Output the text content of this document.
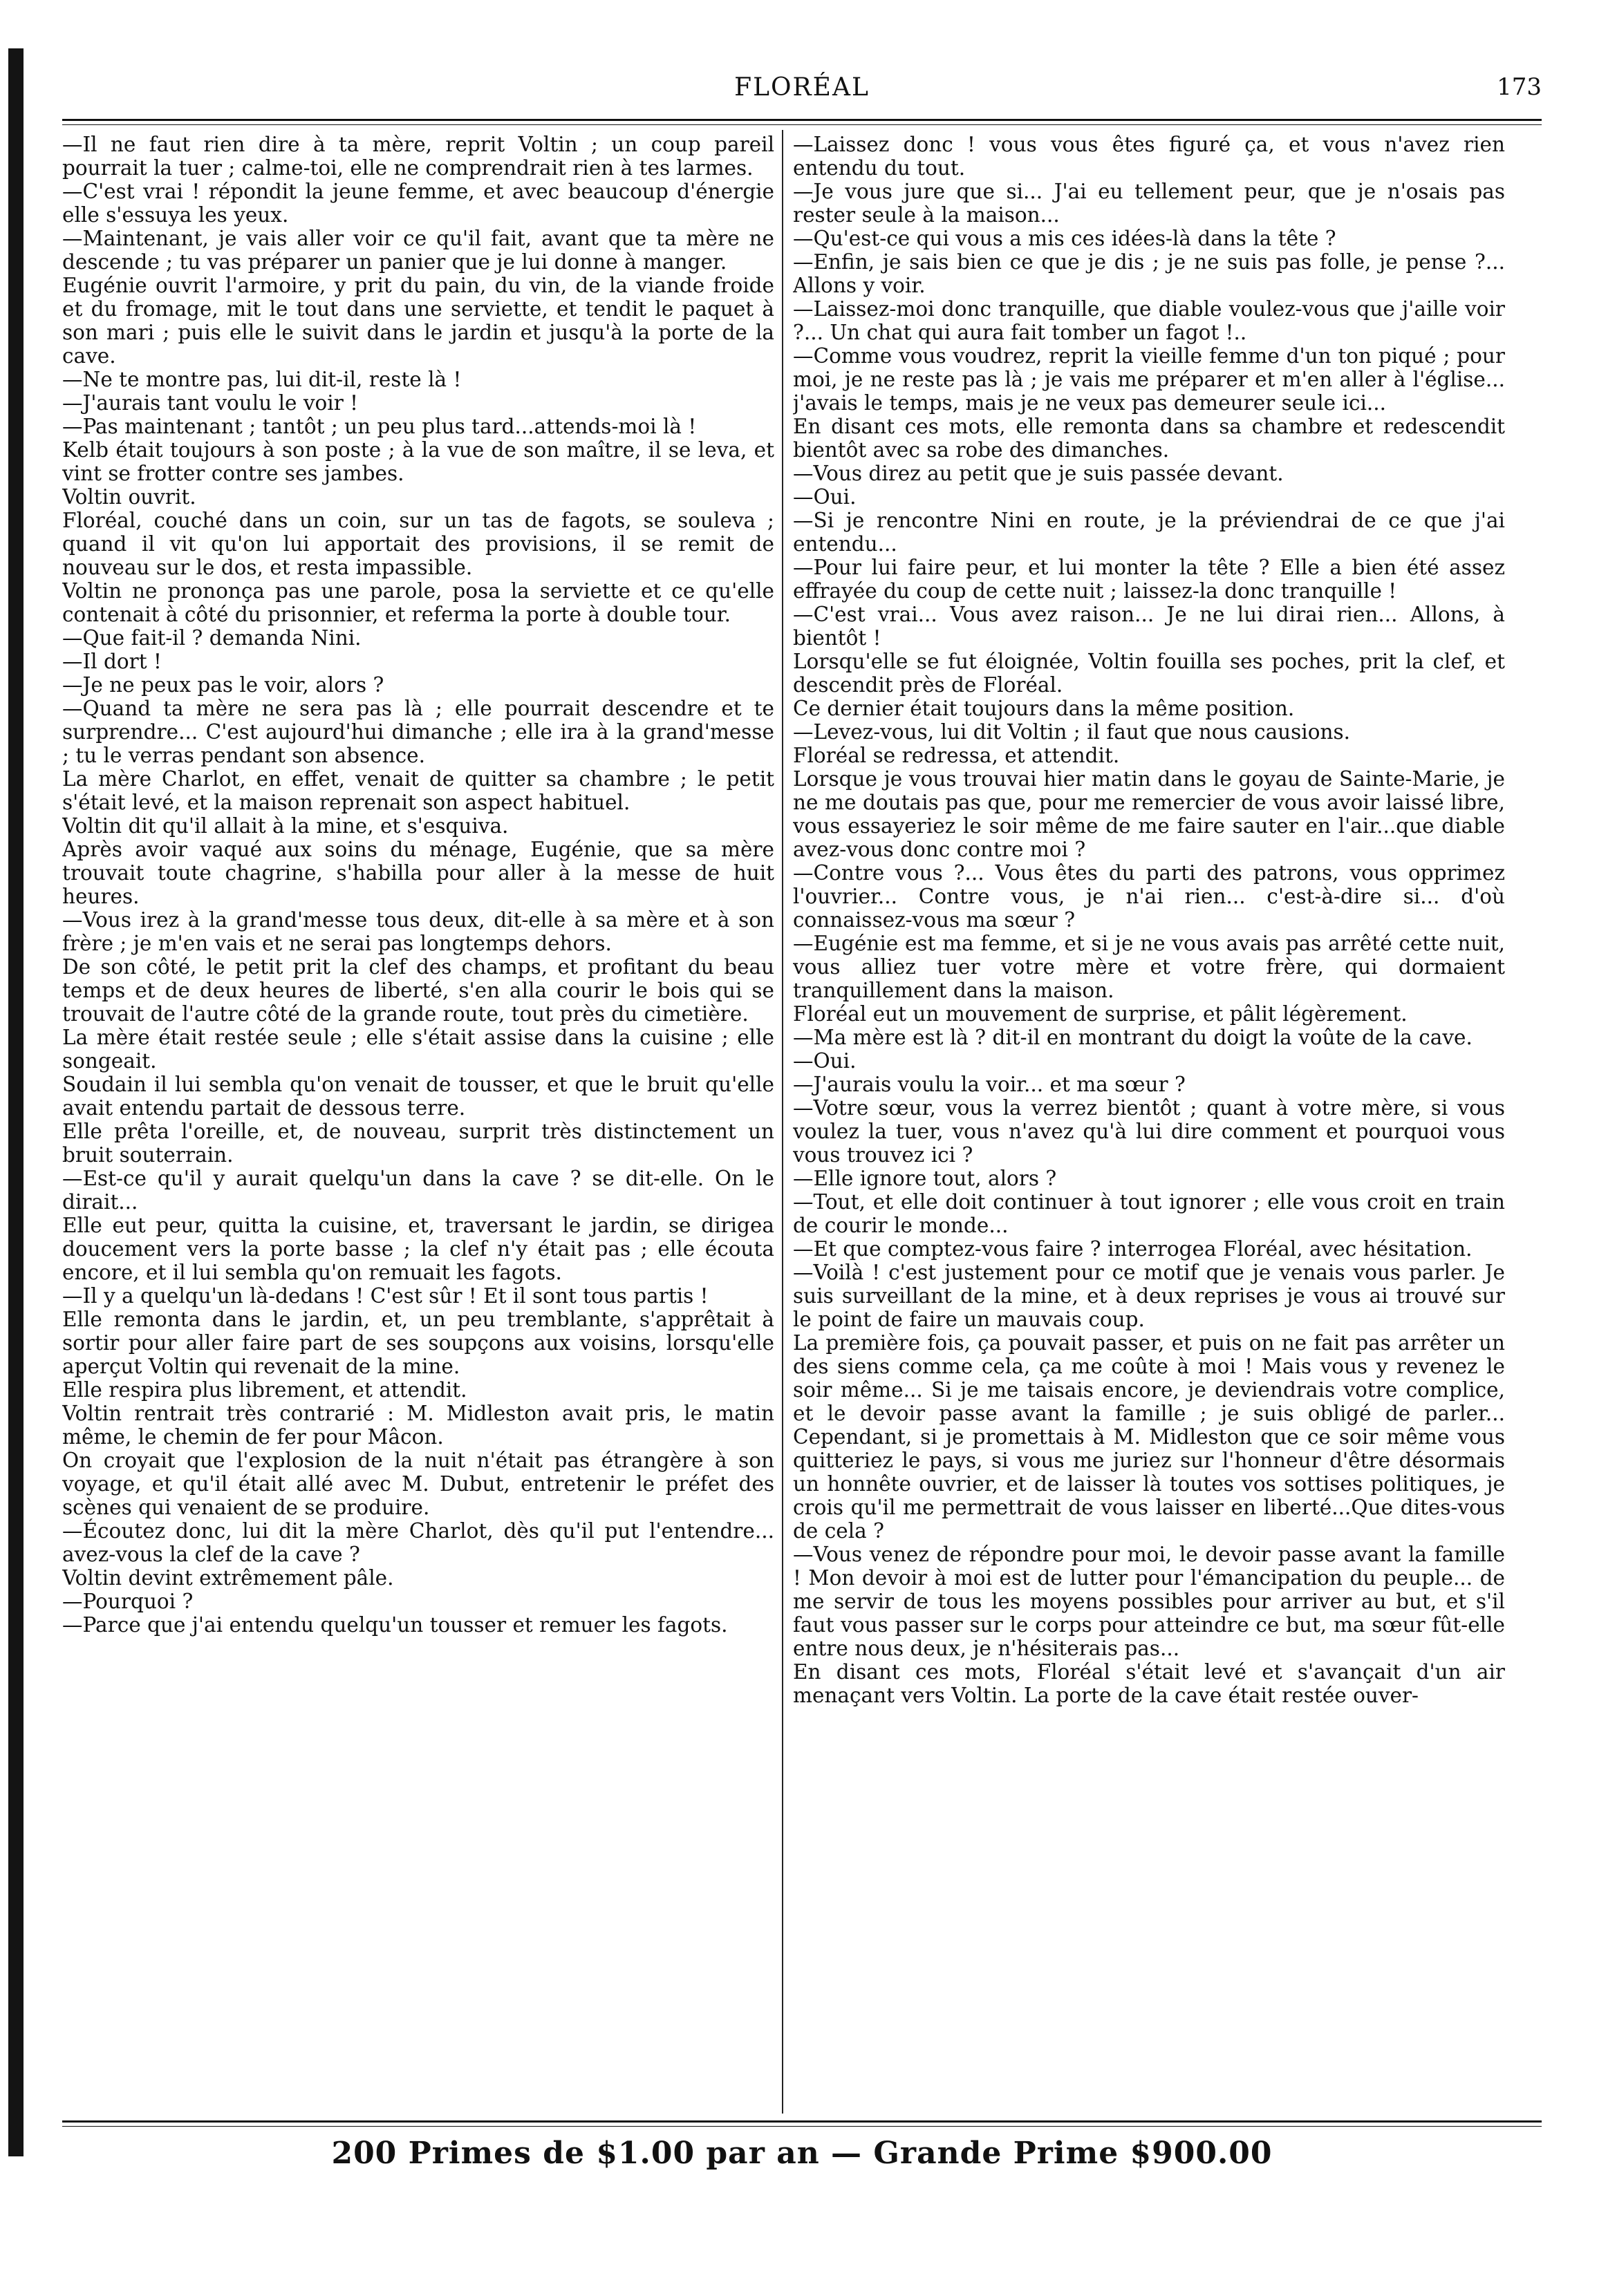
FLORÉAL	173

—Il ne faut rien dire à ta mère, reprit Voltin ; un coup pareil pourrait la tuer ; calme-toi, elle ne comprendrait rien à tes larmes.

—C'est vrai ! répondit la jeune femme, et avec beaucoup d'énergie elle s'essuya les yeux.

—Maintenant, je vais aller voir ce qu'il fait, avant que ta mère ne descende ; tu vas préparer un panier que je lui donne à manger.

Eugénie ouvrit l'armoire, y prit du pain, du vin, de la viande froide et du fromage, mit le tout dans une serviette, et tendit le paquet à son mari ; puis elle le suivit dans le jardin et jusqu'à la porte de la cave.

—Ne te montre pas, lui dit-il, reste là !

—J'aurais tant voulu le voir !

—Pas maintenant ; tantôt ; un peu plus tard...attends-moi là !

Kelb était toujours à son poste ; à la vue de son maître, il se leva, et vint se frotter contre ses jambes.

Voltin ouvrit.

Floréal, couché dans un coin, sur un tas de fagots, se souleva ; quand il vit qu'on lui apportait des provisions, il se remit de nouveau sur le dos, et resta impassible.

Voltin ne prononça pas une parole, posa la serviette et ce qu'elle contenait à côté du prisonnier, et referma la porte à double tour.

—Que fait-il ? demanda Nini.

—Il dort !

—Je ne peux pas le voir, alors ?

—Quand ta mère ne sera pas là ; elle pourrait descendre et te surprendre... C'est aujourd'hui dimanche ; elle ira à la grand'messe ; tu le verras pendant son absence.

La mère Charlot, en effet, venait de quitter sa chambre ; le petit s'était levé, et la maison reprenait son aspect habituel.

Voltin dit qu'il allait à la mine, et s'esquiva.

Après avoir vaqué aux soins du ménage, Eugénie, que sa mère trouvait toute chagrine, s'habilla pour aller à la messe de huit heures.

—Vous irez à la grand'messe tous deux, dit-elle à sa mère et à son frère ; je m'en vais et ne serai pas longtemps dehors.

De son côté, le petit prit la clef des champs, et profitant du beau temps et de deux heures de liberté, s'en alla courir le bois qui se trouvait de l'autre côté de la grande route, tout près du cimetière.

La mère était restée seule ; elle s'était assise dans la cuisine ; elle songeait.

Soudain il lui sembla qu'on venait de tousser, et que le bruit qu'elle avait entendu partait de dessous terre.

Elle prêta l'oreille, et, de nouveau, surprit très distinctement un bruit souterrain.

—Est-ce qu'il y aurait quelqu'un dans la cave ? se dit-elle. On le dirait...

Elle eut peur, quitta la cuisine, et, traversant le jardin, se dirigea doucement vers la porte basse ; la clef n'y était pas ; elle écouta encore, et il lui sembla qu'on remuait les fagots.

—Il y a quelqu'un là-dedans ! C'est sûr ! Et il sont tous partis !

Elle remonta dans le jardin, et, un peu tremblante, s'apprêtait à sortir pour aller faire part de ses soupçons aux voisins, lorsqu'elle aperçut Voltin qui revenait de la mine.

Elle respira plus librement, et attendit.

Voltin rentrait très contrarié : M. Midleston avait pris, le matin même, le chemin de fer pour Mâcon.

On croyait que l'explosion de la nuit n'était pas étrangère à son voyage, et qu'il était allé avec M. Dubut, entretenir le préfet des scènes qui venaient de se produire.

—Écoutez donc, lui dit la mère Charlot, dès qu'il put l'entendre... avez-vous la clef de la cave ?

Voltin devint extrêmement pâle.

—Pourquoi ?

—Parce que j'ai entendu quelqu'un tousser et remuer les fagots.

—Laissez donc ! vous vous êtes figuré ça, et vous n'avez rien entendu du tout.

—Je vous jure que si... J'ai eu tellement peur, que je n'osais pas rester seule à la maison...

—Qu'est-ce qui vous a mis ces idées-là dans la tête ?

—Enfin, je sais bien ce que je dis ; je ne suis pas folle, je pense ?... Allons y voir.

—Laissez-moi donc tranquille, que diable voulez-vous que j'aille voir ?... Un chat qui aura fait tomber un fagot !..

—Comme vous voudrez, reprit la vieille femme d'un ton piqué ; pour moi, je ne reste pas là ; je vais me préparer et m'en aller à l'église... j'avais le temps, mais je ne veux pas demeurer seule ici...

En disant ces mots, elle remonta dans sa chambre et redescendit bientôt avec sa robe des dimanches.

—Vous direz au petit que je suis passée devant.

—Oui.

—Si je rencontre Nini en route, je la préviendrai de ce que j'ai entendu...

—Pour lui faire peur, et lui monter la tête ? Elle a bien été assez effrayée du coup de cette nuit ; laissez-la donc tranquille !

—C'est vrai... Vous avez raison... Je ne lui dirai rien... Allons, à bientôt !

Lorsqu'elle se fut éloignée, Voltin fouilla ses poches, prit la clef, et descendit près de Floréal.

Ce dernier était toujours dans la même position.

—Levez-vous, lui dit Voltin ; il faut que nous causions.

Floréal se redressa, et attendit.

Lorsque je vous trouvai hier matin dans le goyau de Sainte-Marie, je ne me doutais pas que, pour me remercier de vous avoir laissé libre, vous essayeriez le soir même de me faire sauter en l'air...que diable avez-vous donc contre moi ?

—Contre vous ?... Vous êtes du parti des patrons, vous opprimez l'ouvrier... Contre vous, je n'ai rien... c'est-à-dire si... d'où connaissez-vous ma sœur ?

—Eugénie est ma femme, et si je ne vous avais pas arrêté cette nuit, vous alliez tuer votre mère et votre frère, qui dormaient tranquillement dans la maison.

Floréal eut un mouvement de surprise, et pâlit légèrement.

—Ma mère est là ? dit-il en montrant du doigt la voûte de la cave.

—Oui.

—J'aurais voulu la voir... et ma sœur ?

—Votre sœur, vous la verrez bientôt ; quant à votre mère, si vous voulez la tuer, vous n'avez qu'à lui dire comment et pourquoi vous vous trouvez ici ?

—Elle ignore tout, alors ?

—Tout, et elle doit continuer à tout ignorer ; elle vous croit en train de courir le monde...

—Et que comptez-vous faire ? interrogea Floréal, avec hésitation.

—Voilà ! c'est justement pour ce motif que je venais vous parler. Je suis surveillant de la mine, et à deux reprises je vous ai trouvé sur le point de faire un mauvais coup.

La première fois, ça pouvait passer, et puis on ne fait pas arrêter un des siens comme cela, ça me coûte à moi ! Mais vous y revenez le soir même... Si je me taisais encore, je deviendrais votre complice, et le devoir passe avant la famille ; je suis obligé de parler... Cependant, si je promettais à M. Midleston que ce soir même vous quitteriez le pays, si vous me juriez sur l'honneur d'être désormais un honnête ouvrier, et de laisser là toutes vos sottises politiques, je crois qu'il me permettrait de vous laisser en liberté...Que dites-vous de cela ?

—Vous venez de répondre pour moi, le devoir passe avant la famille ! Mon devoir à moi est de lutter pour l'émancipation du peuple... de me servir de tous les moyens possibles pour arriver au but, et s'il faut vous passer sur le corps pour atteindre ce but, ma sœur fût-elle entre nous deux, je n'hésiterais pas...

En disant ces mots, Floréal s'était levé et s'avançait d'un air menaçant vers Voltin. La porte de la cave était restée ouver-

200 Primes de $1.00 par an — Grande Prime $900.00
